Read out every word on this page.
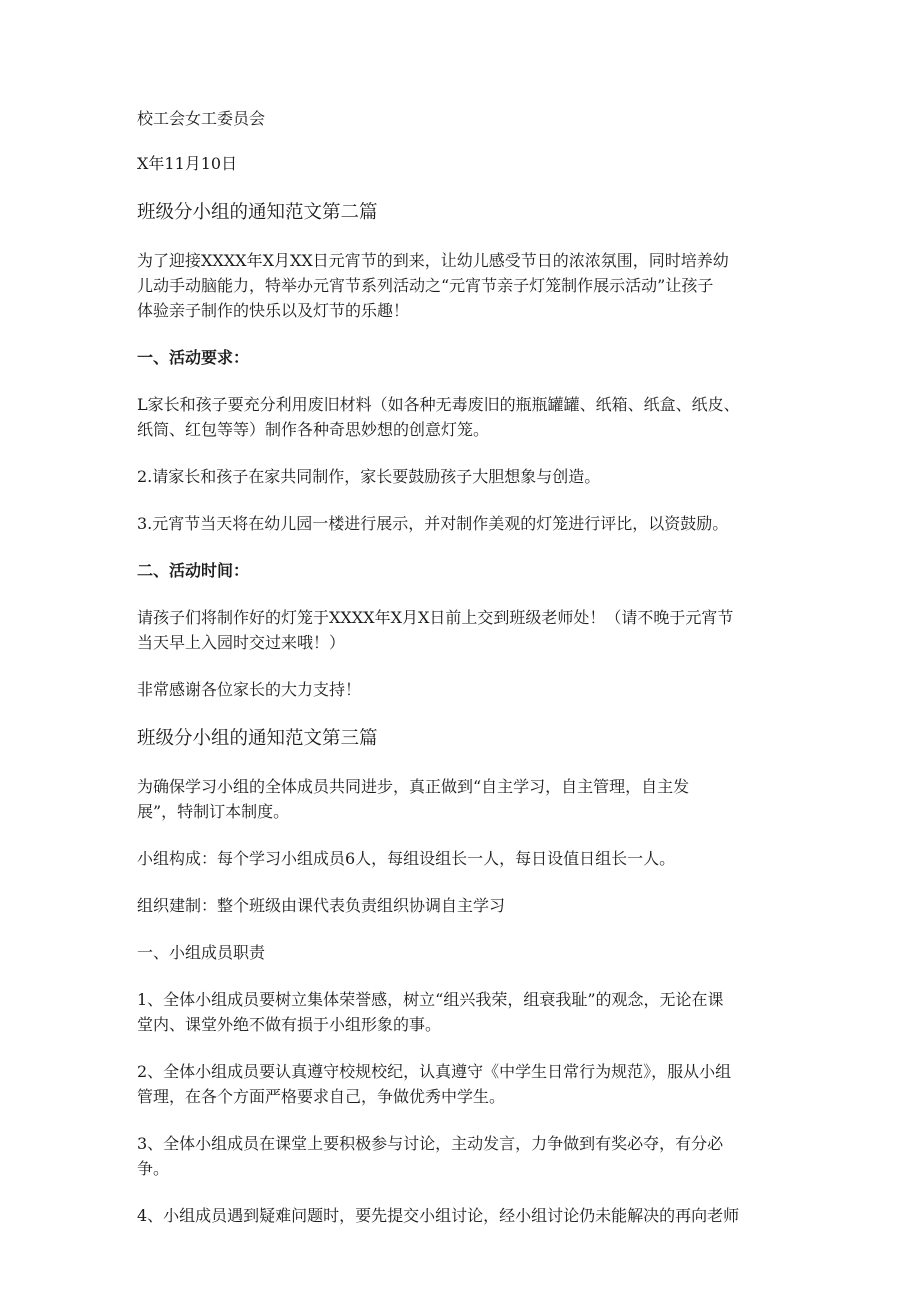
校工会女工委员会

X年11月10日

班级分小组的通知范文第二篇

为了迎接XXXX年X月XX日元宵节的到来，让幼儿感受节日的浓浓氛围，同时培养幼

儿动手动脑能力，特举办元宵节系列活动之“元宵节亲子灯笼制作展示活动”让孩子

体验亲子制作的快乐以及灯节的乐趣！

一、活动要求：

L家长和孩子要充分利用废旧材料（如各种无毒废旧的瓶瓶罐罐、纸箱、纸盒、纸皮、

纸筒、红包等等）制作各种奇思妙想的创意灯笼。

2.请家长和孩子在家共同制作，家长要鼓励孩子大胆想象与创造。

3.元宵节当天将在幼儿园一楼进行展示，并对制作美观的灯笼进行评比，以资鼓励。

二、活动时间：

请孩子们将制作好的灯笼于XXXX年X月X日前上交到班级老师处！（请不晚于元宵节

当天早上入园时交过来哦！）

非常感谢各位家长的大力支持！

班级分小组的通知范文第三篇

为确保学习小组的全体成员共同进步，真正做到“自主学习，自主管理，自主发

展”，特制订本制度。

小组构成：每个学习小组成员6人，每组设组长一人，每日设值日组长一人。

组织建制：整个班级由课代表负责组织协调自主学习

一、小组成员职责

1、全体小组成员要树立集体荣誉感，树立“组兴我荣，组衰我耻”的观念，无论在课

堂内、课堂外绝不做有损于小组形象的事。

2、全体小组成员要认真遵守校规校纪，认真遵守《中学生日常行为规范》，服从小组

管理，在各个方面严格要求自己，争做优秀中学生。

3、全体小组成员在课堂上要积极参与讨论，主动发言，力争做到有奖必夺，有分必

争。

4、小组成员遇到疑难问题时，要先提交小组讨论，经小组讨论仍未能解决的再向老师
